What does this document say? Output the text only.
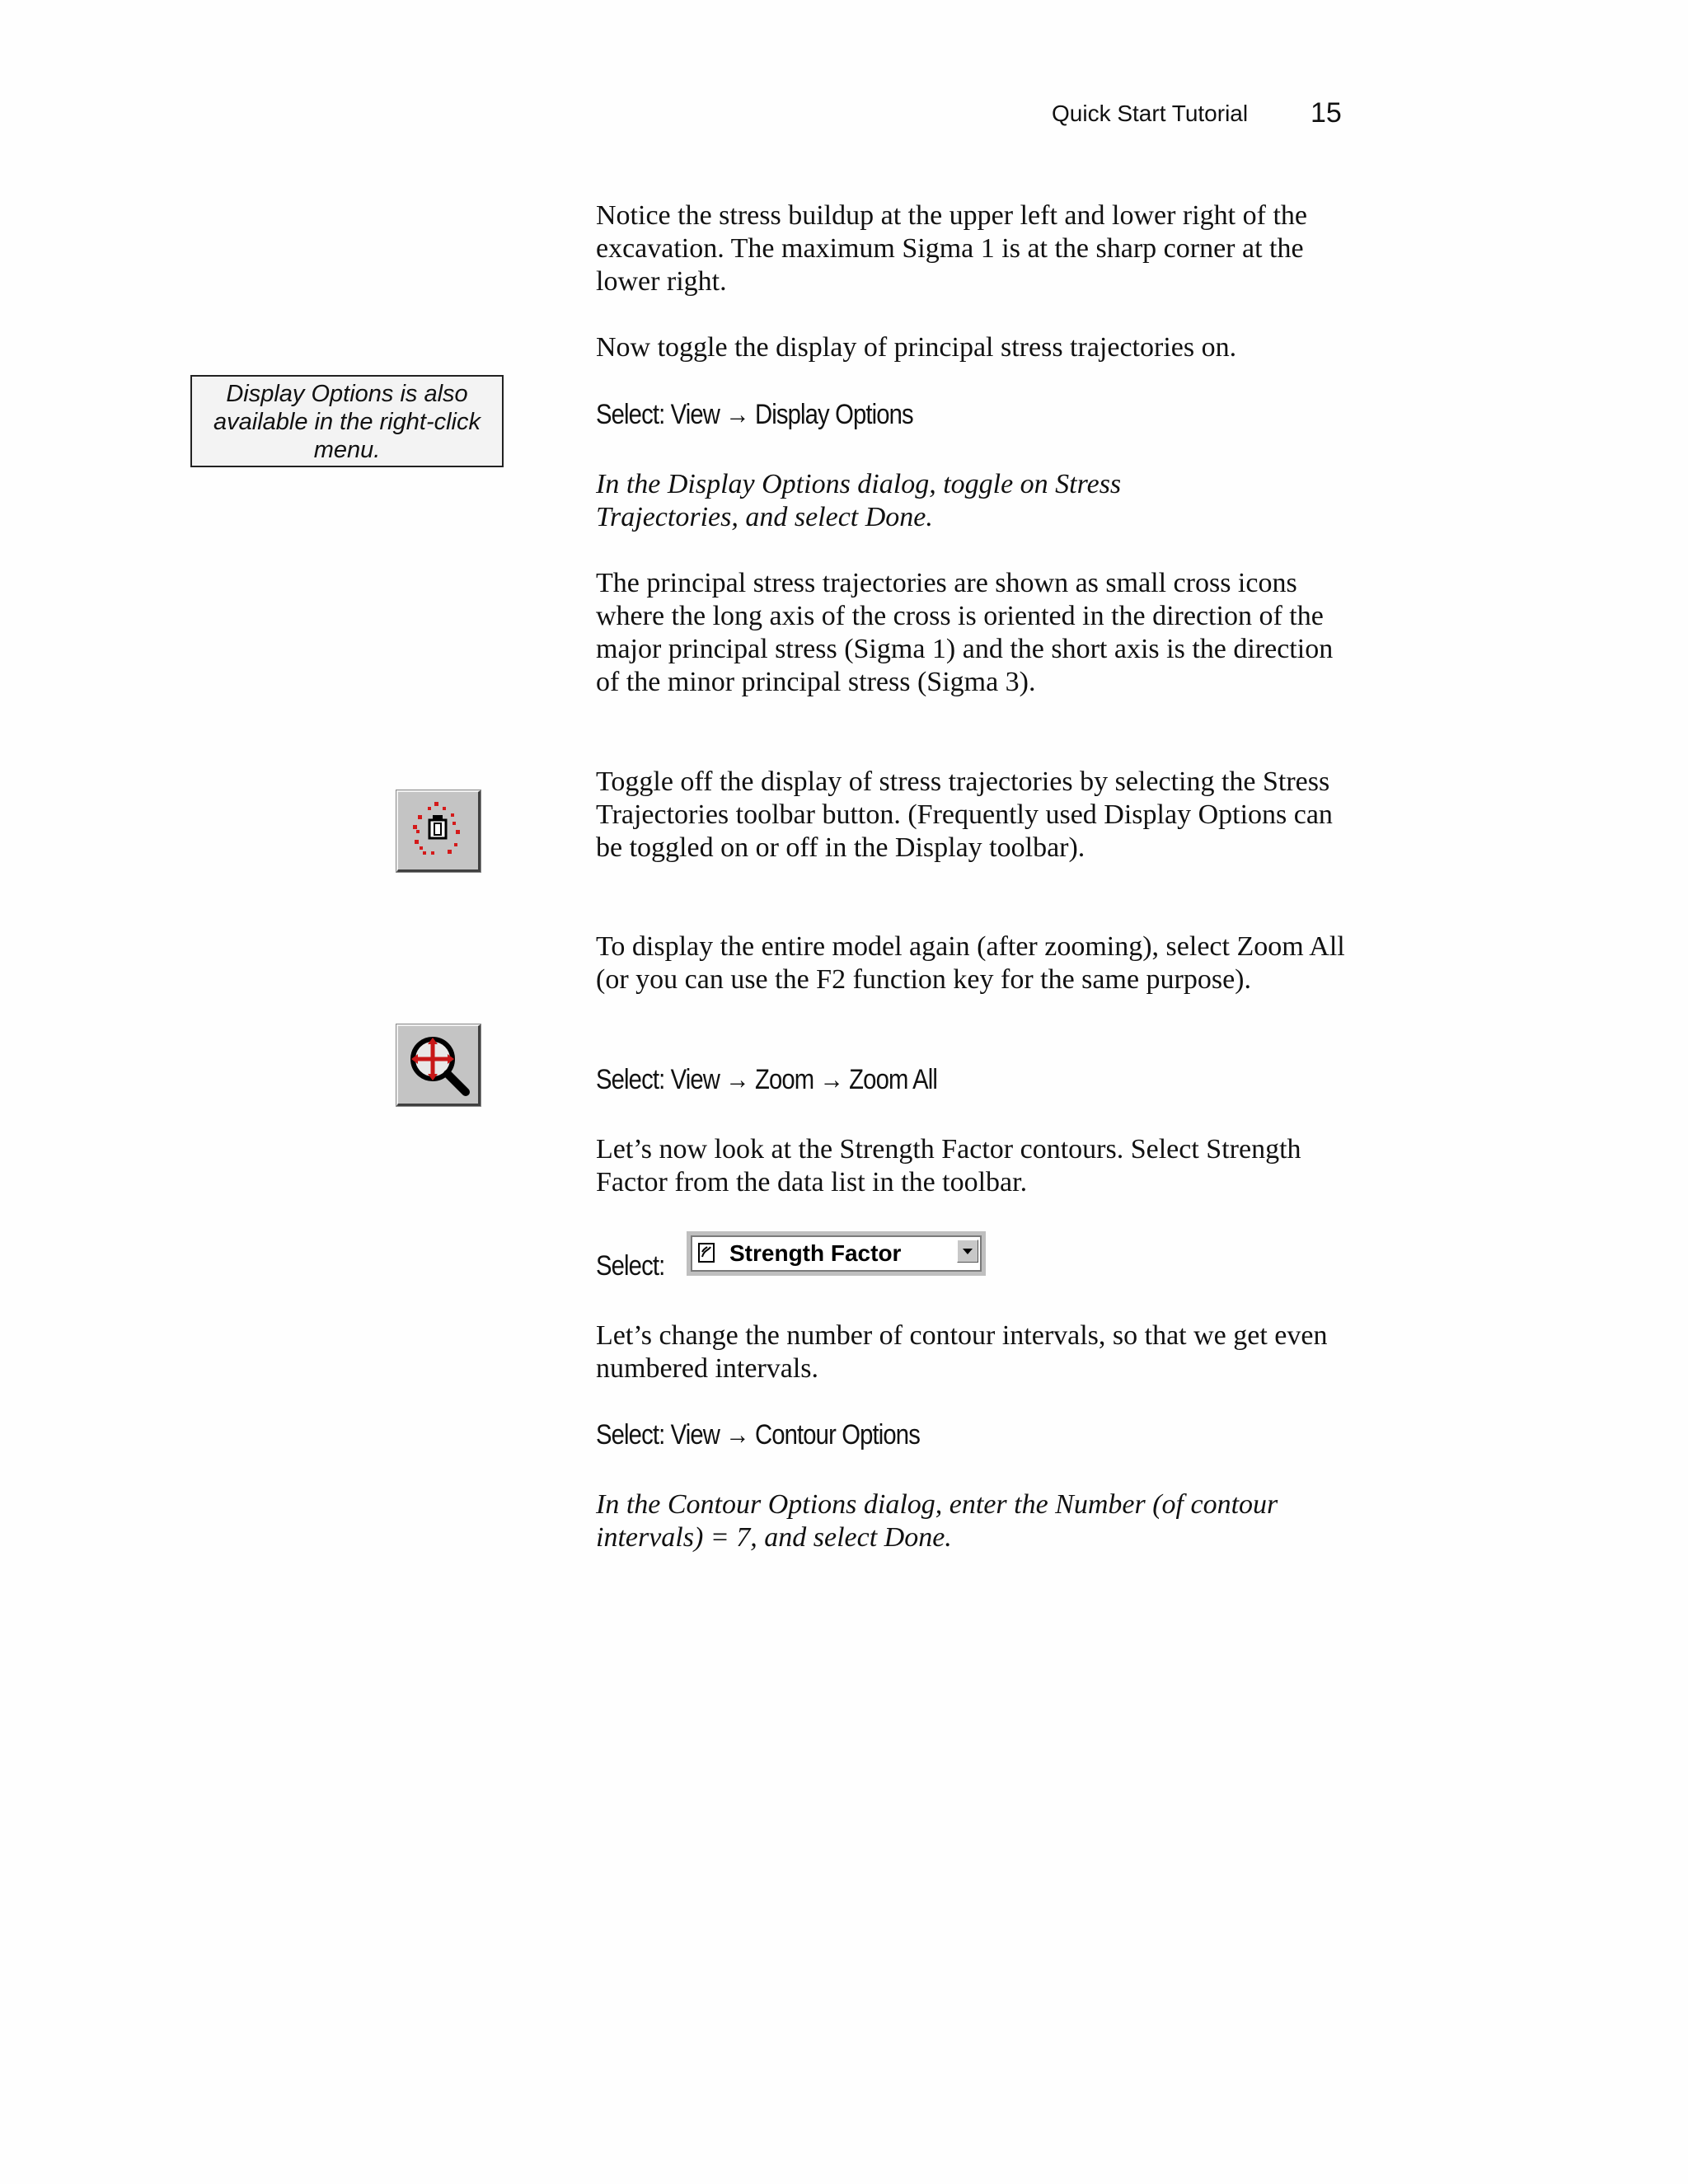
Quick Start Tutorial 15
Display Options is also available in the right-click menu.
Notice the stress buildup at the upper left and lower right of the excavation. The maximum Sigma 1 is at the sharp corner at the lower right.
Now toggle the display of principal stress trajectories on.
Select: View → Display Options
In the Display Options dialog, toggle on Stress Trajectories, and select Done.
The principal stress trajectories are shown as small cross icons where the long axis of the cross is oriented in the direction of the major principal stress (Sigma 1) and the short axis is the direction of the minor principal stress (Sigma 3).
Toggle off the display of stress trajectories by selecting the Stress Trajectories toolbar button. (Frequently used Display Options can be toggled on or off in the Display toolbar).
To display the entire model again (after zooming), select Zoom All (or you can use the F2 function key for the same purpose).
Select: View → Zoom → Zoom All
Let’s now look at the Strength Factor contours. Select Strength Factor from the data list in the toolbar.
Select:	Strength Factor
Let’s change the number of contour intervals, so that we get even numbered intervals.
Select: View → Contour Options
In the Contour Options dialog, enter the Number (of contour intervals) = 7, and select Done.
